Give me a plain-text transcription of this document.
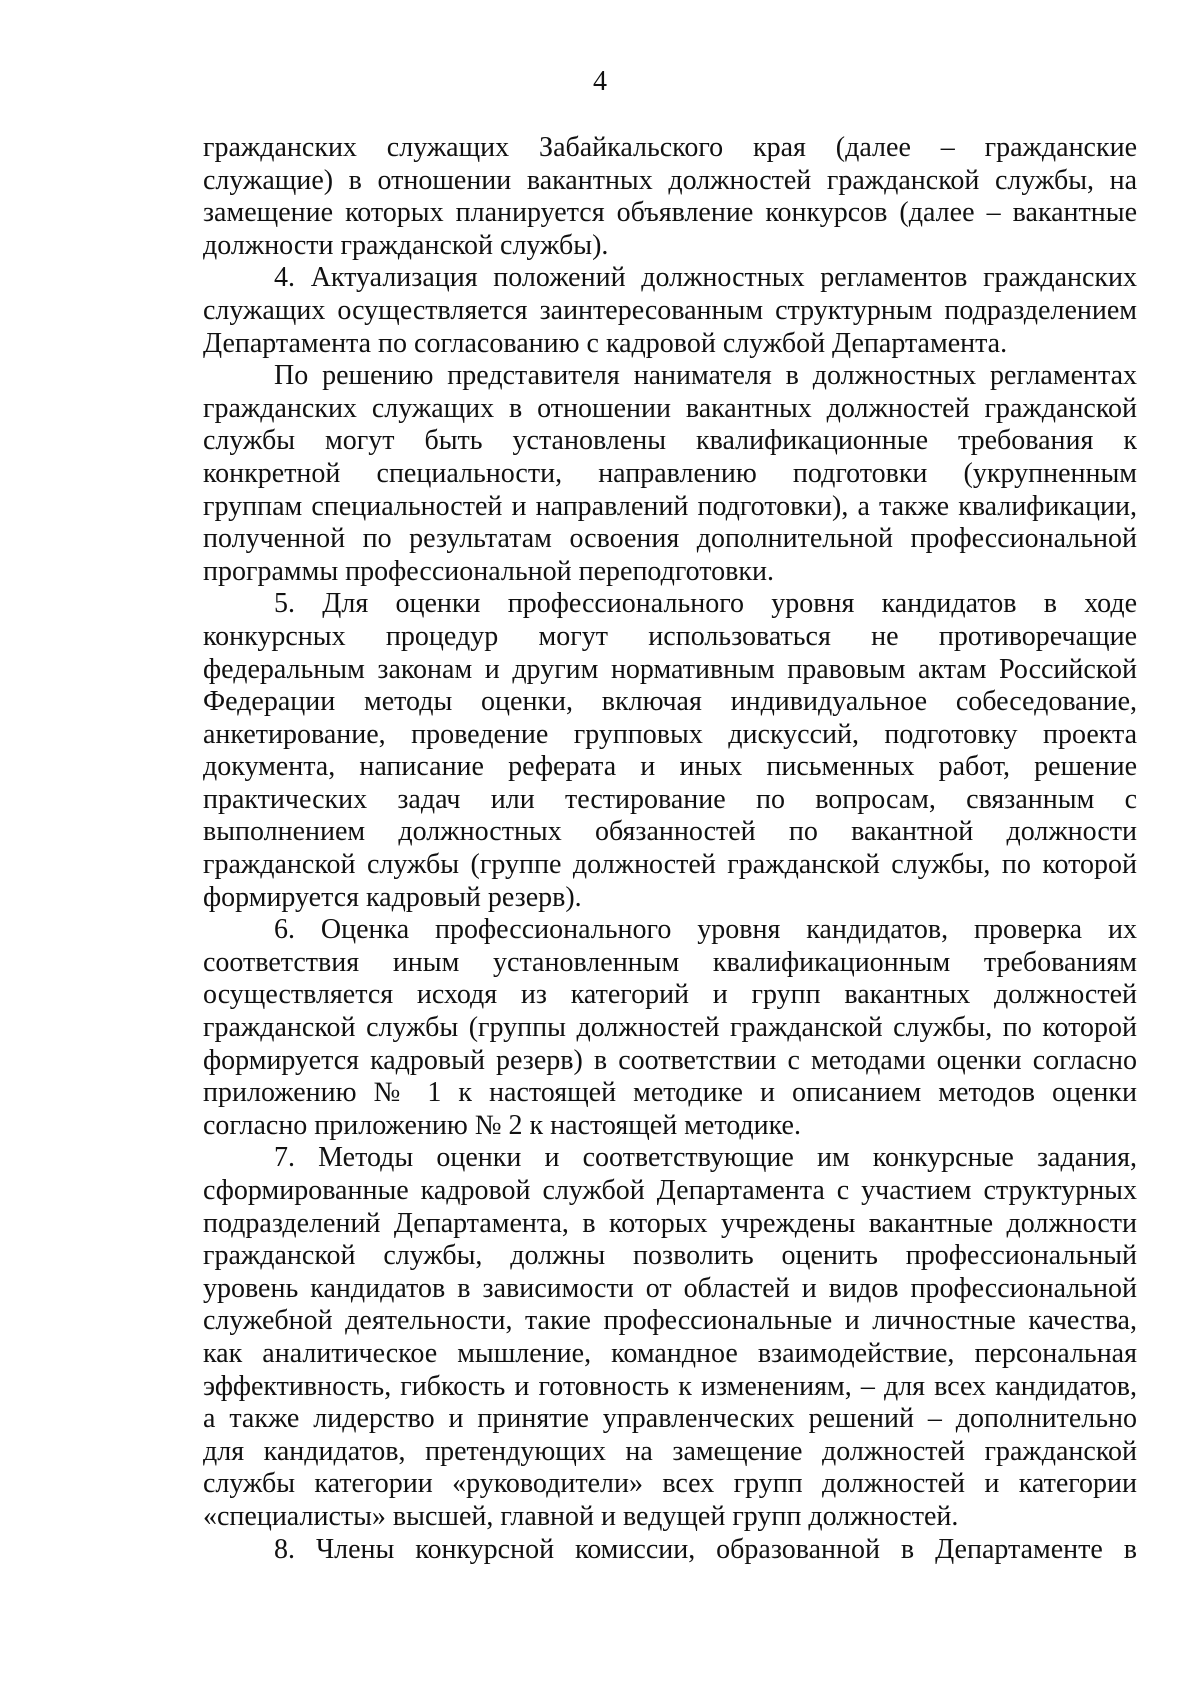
4
гражданских служащих Забайкальского края (далее – гражданские
служащие) в отношении вакантных должностей гражданской службы, на
замещение которых планируется объявление конкурсов (далее – вакантные
должности гражданской службы).
4. Актуализация положений должностных регламентов гражданских
служащих осуществляется заинтересованным структурным подразделением
Департамента по согласованию с кадровой службой Департамента.
По решению представителя нанимателя в должностных регламентах
гражданских служащих в отношении вакантных должностей гражданской
службы могут быть установлены квалификационные требования к
конкретной специальности, направлению подготовки (укрупненным
группам специальностей и направлений подготовки), а также квалификации,
полученной по результатам освоения дополнительной профессиональной
программы профессиональной переподготовки.
5. Для оценки профессионального уровня кандидатов в ходе
конкурсных процедур могут использоваться не противоречащие
федеральным законам и другим нормативным правовым актам Российской
Федерации методы оценки, включая индивидуальное собеседование,
анкетирование, проведение групповых дискуссий, подготовку проекта
документа, написание реферата и иных письменных работ, решение
практических задач или тестирование по вопросам, связанным с
выполнением должностных обязанностей по вакантной должности
гражданской службы (группе должностей гражданской службы, по которой
формируется кадровый резерв).
6. Оценка профессионального уровня кандидатов, проверка их
соответствия иным установленным квалификационным требованиям
осуществляется исходя из категорий и групп вакантных должностей
гражданской службы (группы должностей гражданской службы, по которой
формируется кадровый резерв) в соответствии с методами оценки согласно
приложению № 1 к настоящей методике и описанием методов оценки
согласно приложению № 2 к настоящей методике.
7. Методы оценки и соответствующие им конкурсные задания,
сформированные кадровой службой Департамента с участием структурных
подразделений Департамента, в которых учреждены вакантные должности
гражданской службы, должны позволить оценить профессиональный
уровень кандидатов в зависимости от областей и видов профессиональной
служебной деятельности, такие профессиональные и личностные качества,
как аналитическое мышление, командное взаимодействие, персональная
эффективность, гибкость и готовность к изменениям, – для всех кандидатов,
а также лидерство и принятие управленческих решений – дополнительно
для кандидатов, претендующих на замещение должностей гражданской
службы категории «руководители» всех групп должностей и категории
«специалисты» высшей, главной и ведущей групп должностей.
8. Члены конкурсной комиссии, образованной в Департаменте в
